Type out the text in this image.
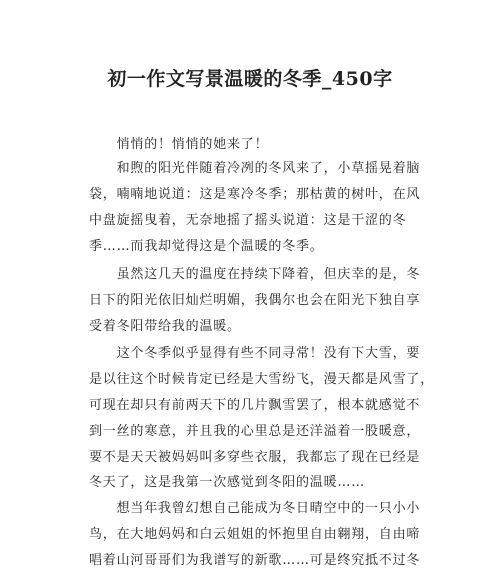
初一作文写景温暖的冬季_450字
　　悄悄的！悄悄的她来了！
　　和煦的阳光伴随着冷冽的冬风来了，小草摇晃着脑
袋，喃喃地说道：这是寒冷冬季；那枯黄的树叶，在风
中盘旋摇曳着，无奈地摇了摇头说道：这是干涩的冬
季……而我却觉得这是个温暖的冬季。
　　虽然这几天的温度在持续下降着，但庆幸的是，冬
日下的阳光依旧灿烂明媚，我偶尔也会在阳光下独自享
受着冬阳带给我的温暖。
　　这个冬季似乎显得有些不同寻常！没有下大雪，要
是以往这个时候肯定已经是大雪纷飞，漫天都是风雪了，
可现在却只有前两天下的几片飘雪罢了，根本就感觉不
到一丝的寒意，并且我的心里总是还洋溢着一股暖意，
要不是天天被妈妈叫多穿些衣服，我都忘了现在已经是
冬天了，这是我第一次感觉到冬阳的温暖……
　　想当年我曾幻想自己能成为冬日晴空中的一只小小
鸟，在大地妈妈和白云姐姐的怀抱里自由翱翔，自由啼
唱着山河哥哥们为我谱写的新歌……可是终究抵不过冬
